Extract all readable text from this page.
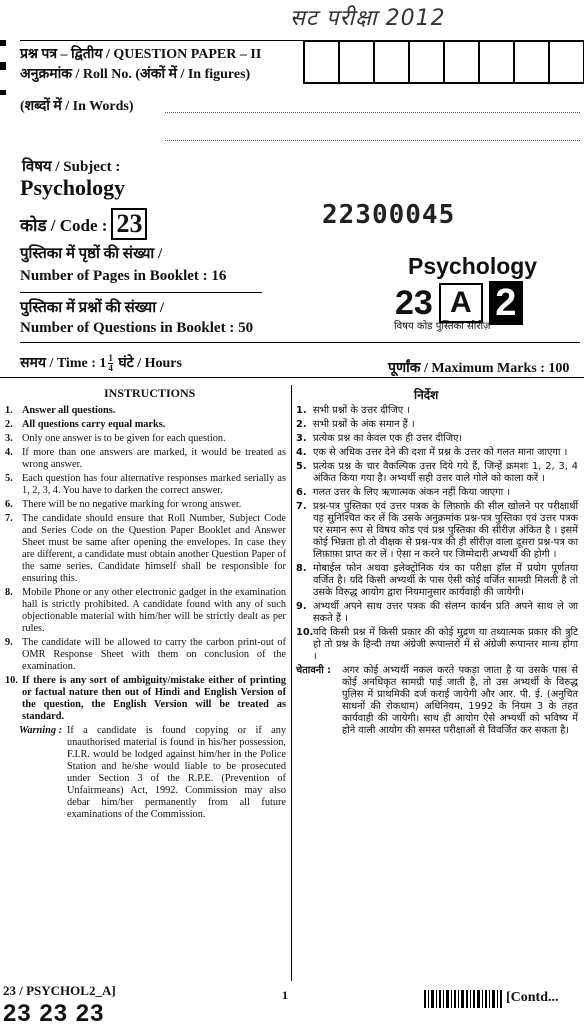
सट परीक्षा 2012
प्रश्न पत्र – द्वितीय / QUESTION PAPER – II
अनुक्रमांक / Roll No. (अंकों में / In figures)
(शब्दों में / In Words)
विषय / Subject :
Psychology
कोड / Code : 23	22300045
पुस्तिका में पृष्ठों की संख्या /
Number of Pages in Booklet : 16
पुस्तिका में प्रश्नों की संख्या /
Number of Questions in Booklet : 50
Psychology
23 A 2
विषय कोड पुस्तिका सीरीज़
समय / Time : $1 \frac{1}{4}$ घंटे / Hours	पूर्णांक / Maximum Marks : 100
INSTRUCTIONS	निर्देश
1. Answer all questions.
2. All questions carry equal marks.
3. Only one answer is to be given for each question.
4. If more than one answers are marked, it would be treated as wrong answer.
5. Each question has four alternative responses marked serially as 1, 2, 3, 4. You have to darken the correct answer.
6. There will be no negative marking for wrong answer.
7. The candidate should ensure that Roll Number, Subject Code and Series Code on the Question Paper Booklet and Answer Sheet must be same after opening the envelopes. In case they are different, a candidate must obtain another Question Paper of the same series. Candidate himself shall be responsible for ensuring this.
8. Mobile Phone or any other electronic gadget in the examination hall is strictly prohibited. A candidate found with any of such objectionable material with him/her will be strictly dealt as per rules.
9. The candidate will be allowed to carry the carbon print-out of OMR Response Sheet with them on conclusion of the examination.
10. If there is any sort of ambiguity/mistake either of printing or factual nature then out of Hindi and English Version of the question, the English Version will be treated as standard.
Warning : If a candidate is found copying or if any unauthorised material is found in his/her possession, F.I.R. would be lodged against him/her in the Police Station and he/she would liable to be prosecuted under Section 3 of the R.P.E. (Prevention of Unfairmeans) Act, 1992. Commission may also debar him/her permanently from all future examinations of the Commission.
1. सभी प्रश्नों के उत्तर दीजिए ।
2. सभी प्रश्नों के अंक समान हैं ।
3. प्रत्येक प्रश्न का केवल एक ही उत्तर दीजिए।
4. एक से अधिक उत्तर देने की दशा में प्रश्न के उत्तर को गलत माना जाएगा ।
5. प्रत्येक प्रश्न के चार वैकल्पिक उत्तर दिये गये हैं, जिन्हें क्रमशः 1, 2, 3, 4 अंकित किया गया है। अभ्यर्थी सही उत्तर वाले गोले को काला करें ।
6. गलत उत्तर के लिए ऋणात्मक अंकन नहीं किया जाएगा ।
7. प्रश्न-पत्र पुस्तिका एवं उत्तर पत्रक के लिफ़ाफ़े की सील खोलने पर परीक्षार्थी यह सुनिश्चित कर लें कि उसके अनुक्रमांक प्रश्न-पत्र पुस्तिका एवं उत्तर पत्रक पर समान रूप से विषय कोड एवं प्रश्न पुस्तिका की सीरीज़ अंकित है । इसमें कोई भिन्नता हो तो वीक्षक से प्रश्न-पत्र की ही सीरीज़ वाला दूसरा प्रश्न-पत्र का लिफ़ाफ़ा प्राप्त कर लें । ऐसा न करने पर जिम्मेदारी अभ्यर्थी की होगी ।
8. मोबाईल फोन अथवा इलेक्ट्रोनिक यंत्र का परीक्षा हॉल में प्रयोग पूर्णतया वर्जित है। यदि किसी अभ्यर्थी के पास ऐसी कोई वर्जित सामग्री मिलती है तो उसके विरुद्ध आयोग द्वारा नियमानुसार कार्यवाही की जायेगी।
9. अभ्यर्थी अपने साथ उत्तर पत्रक की संलग्न कार्बन प्रति अपने साथ ले जा सकते हैं ।
10. यदि किसी प्रश्न में किसी प्रकार की कोई मुद्रण या तथ्यात्मक प्रकार की त्रुटि हो तो प्रश्न के हिन्दी तथा अंग्रेजी रूपान्तरों में से अंग्रेजी रूपान्तर मान्य होगा ।
चेतावनी :	अगर कोई अभ्यर्थी नकल करते पकड़ा जाता है या उसके पास से कोई अनधिकृत सामग्री पाई जाती है, तो उस अभ्यर्थी के विरुद्ध पुलिस में प्राथमिकी दर्ज कराई जायेगी और आर. पी. ई. (अनुचित साधनों की रोकथाम) अधिनियम, 1992 के नियम 3 के तहत कार्यवाही की जायेगी। साथ ही आयोग ऐसे अभ्यर्थी को भविष्य में होने वाली आयोग की समस्त परीक्षाओं से विवर्जित कर सकता है।
23 / PSYCHOL2_A]	1
23 23 23
[Contd...
